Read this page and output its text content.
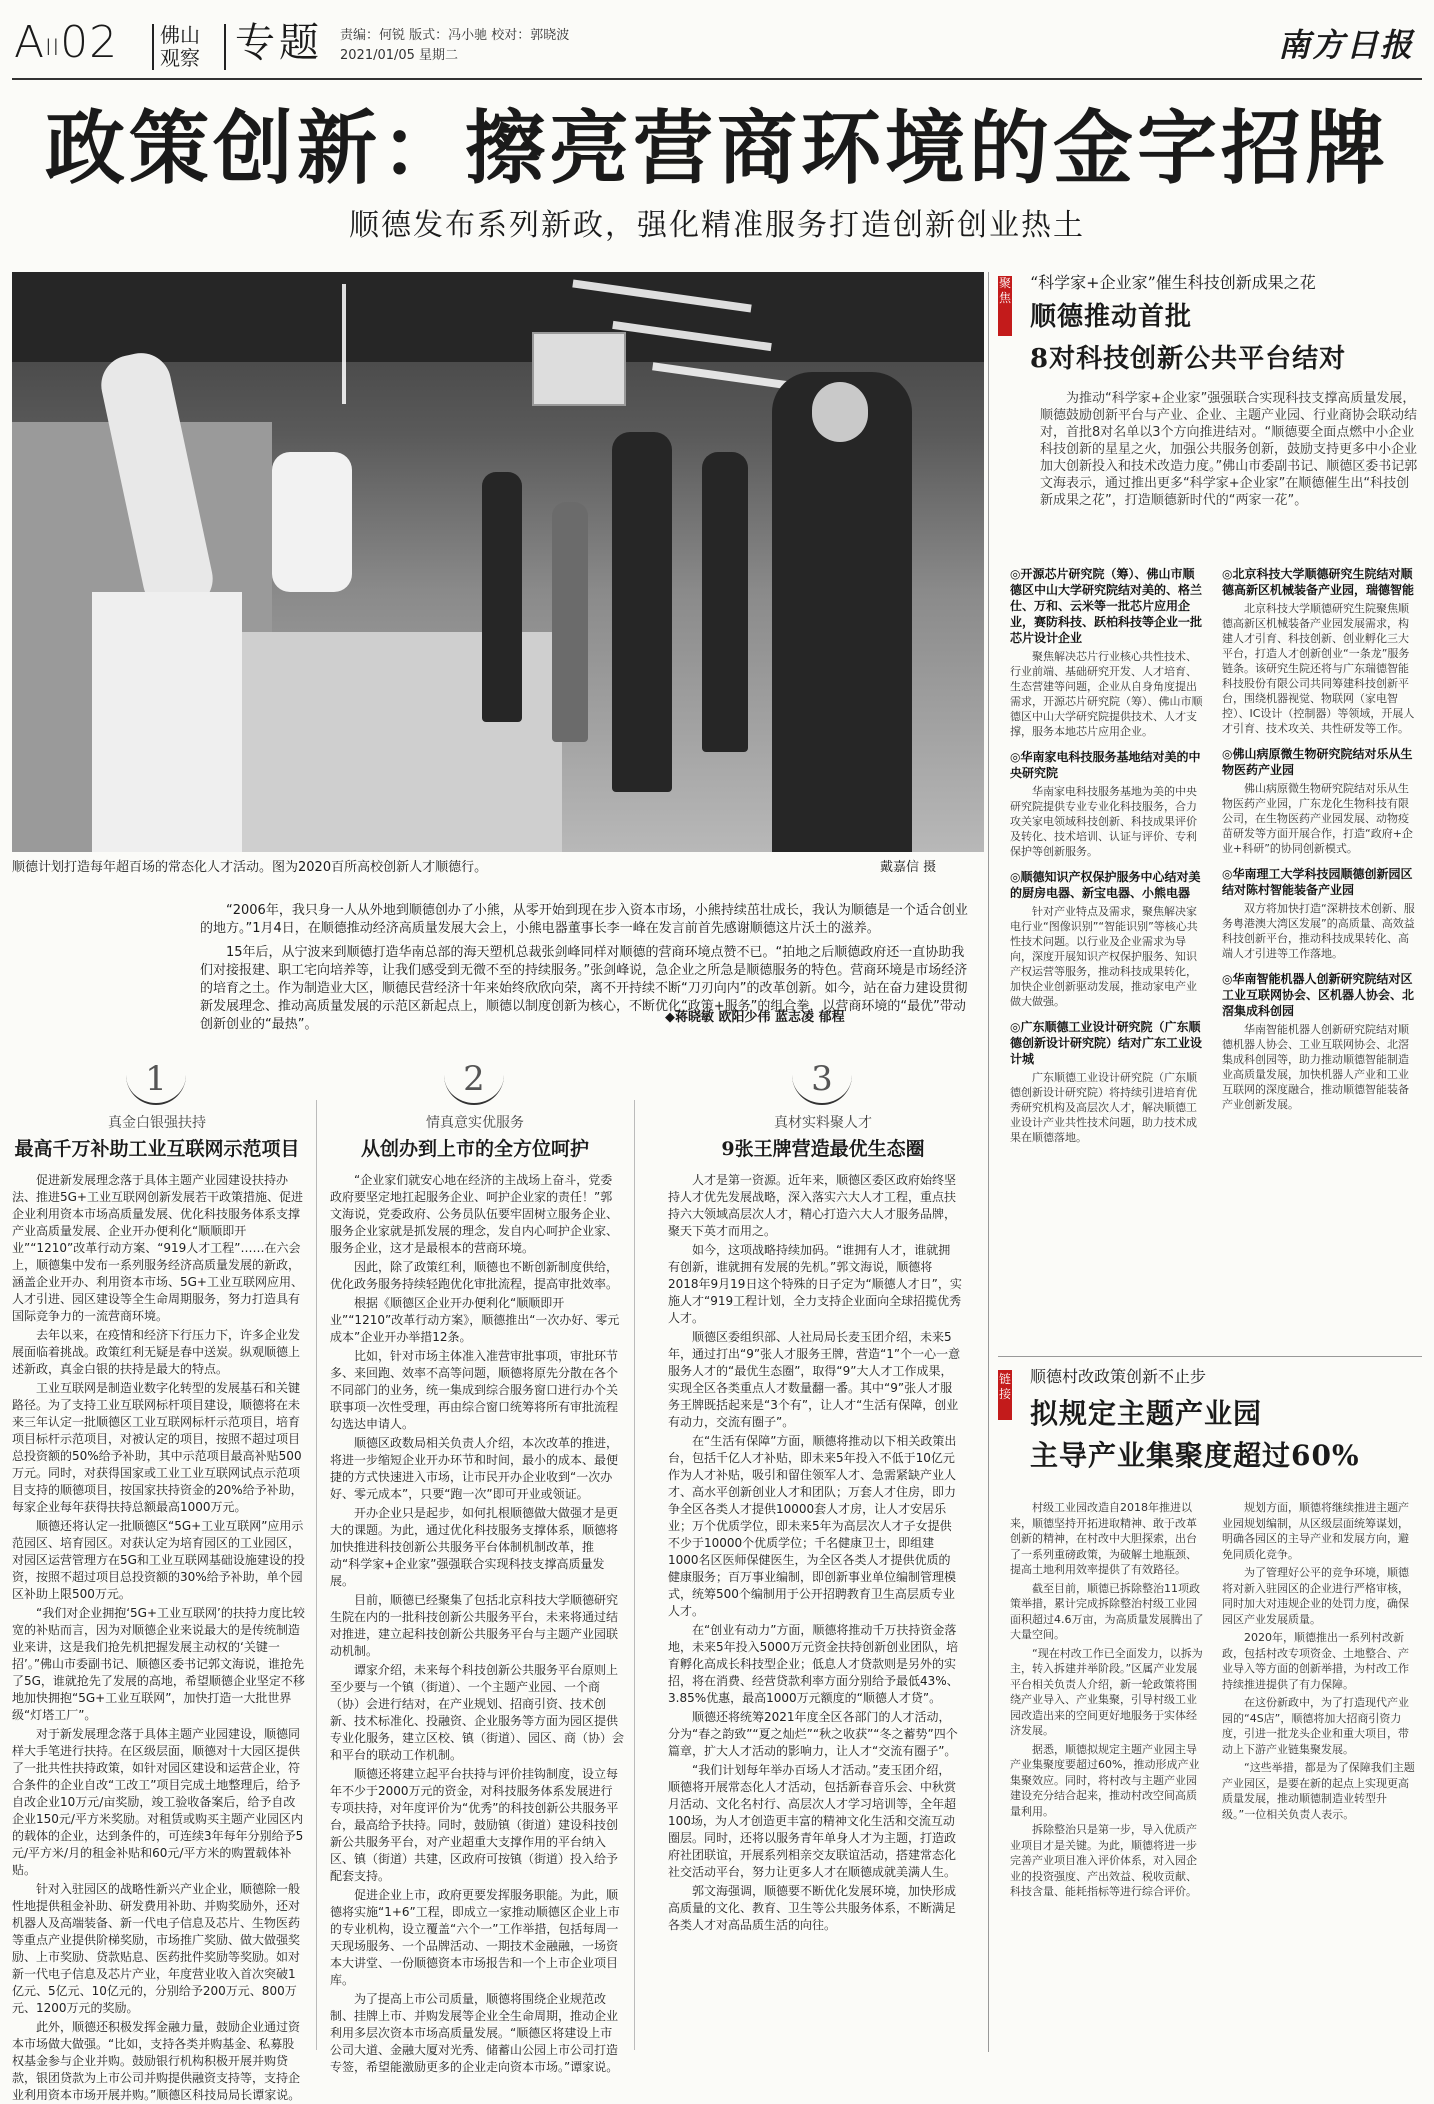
AII02 佛山观察 专题 责编：何锐 版式：冯小驰 校对：郭晓波
2021/01/05 星期二	南方日报
政策创新：擦亮营商环境的金字招牌
顺德发布系列新政，强化精准服务打造创新创业热土
顺德计划打造每年超百场的常态化人才活动。图为2020百所高校创新人才顺德行。	戴嘉信 摄
“2006年，我只身一人从外地到顺德创办了小熊，从零开始到现在步入资本市场，小熊持续茁壮成长，我认为顺德是一个适合创业的地方。”1月4日，在顺德推动经济高质量发展大会上，小熊电器董事长李一峰在发言前首先感谢顺德这片沃土的滋养。
15年后，从宁波来到顺德打造华南总部的海天塑机总裁张剑峰同样对顺德的营商环境点赞不已。“拍地之后顺德政府还一直协助我们对接报建、职工宅向培养等，让我们感受到无微不至的持续服务。”张剑峰说，急企业之所急是顺德服务的特色。营商环境是市场经济的培育之土。作为制造业大区，顺德民营经济十年来始终欣欣向荣，离不开持续不断“刀刃向内”的改革创新。如今，站在奋力建设贯彻新发展理念、推动高质量发展的示范区新起点上，顺德以制度创新为核心，不断优化“政策+服务”的组合拳，以营商环境的“最优”带动创新创业的“最热”。	◆蒋晓敏 欧阳少伟 蓝志凌 郁程
1
真金白银强扶持
最高千万补助工业互联网示范项目

促进新发展理念落于具体主题产业园建设扶持办法、推进5G+工业互联网创新发展若干政策措施、促进企业利用资本市场高质量发展、优化科技服务体系支撑产业高质量发展、企业开办便利化“顺顺即开业”“1210”改革行动方案、“919人才工程”……在六会上，顺德集中发布一系列服务经济高质量发展的新政，涵盖企业开办、利用资本市场、5G+工业互联网应用、人才引进、园区建设等全生命周期服务，努力打造具有国际竞争力的一流营商环境。

去年以来，在疫情和经济下行压力下，许多企业发展面临着挑战。政策红利无疑是春中送炭。纵观顺德上述新政，真金白银的扶持是最大的特点。

工业互联网是制造业数字化转型的发展基石和关键路径。为了支持工业互联网标杆项目建设，顺德将在未来三年认定一批顺德区工业互联网标杆示范项目，培育项目标杆示范项目，对被认定的项目，按照不超过项目总投资额的50%给予补助，其中示范项目最高补贴500万元。同时，对获得国家或工业工业互联网试点示范项目支持的顺德项目，按国家扶持资金的20%给予补助，每家企业每年获得扶持总额最高1000万元。

顺德还将认定一批顺德区“5G+工业互联网”应用示范园区、培育园区。对获认定为培育园区的工业园区，对园区运营管理方在5G和工业互联网基础设施建设的投资，按照不超过项目总投资额的30%给予补助，单个园区补助上限500万元。

“我们对企业拥抱‘5G+工业互联网’的扶持力度比较宽的补贴而言，因为对顺德企业来说最大的是传统制造业来讲，这是我们抢先机把握发展主动权的‘关键一招’。”佛山市委副书记、顺德区委书记郭文海说，谁抢先了5G，谁就抢先了发展的高地，希望顺德企业坚定不移地加快拥抱“5G+工业互联网”，加快打造一大批世界级“灯塔工厂”。

对于新发展理念落于具体主题产业园建设，顺德同样大手笔进行扶持。在区级层面，顺德对十大园区提供了一批共性扶持政策，如针对园区建设和运营企业，符合条件的企业自改“工改工”项目完成土地整理后，给予自改企业10万元/亩奖励，竣工验收备案后，给予自改企业150元/平方米奖励。对租赁或购买主题产业园区内的载体的企业，达到条件的，可连续3年每年分别给予5元/平方米/月的租金补贴和60元/平方米的购置载体补贴。

针对入驻园区的战略性新兴产业企业，顺德除一般性地提供租金补助、研发费用补助、并购奖励外，还对机器人及高端装备、新一代电子信息及芯片、生物医药等重点产业提供阶梯奖励，市场推广奖励、做大做强奖励、上市奖励、贷款贴息、医药批件奖励等奖励。如对新一代电子信息及芯片产业，年度营业收入首次突破1亿元、5亿元、10亿元的，分别给予200万元、800万元、1200万元的奖励。

此外，顺德还积极发挥金融力量，鼓励企业通过资本市场做大做强。“比如，支持各类并购基金、私募股权基金参与企业并购。鼓励银行机构积极开展并购贷款，银团贷款为上市公司并购提供融资支持等，支持企业利用资本市场开展并购。”顺德区科技局局长谭家说。

2
情真意实优服务
从创办到上市的全方位呵护

“企业家们就安心地在经济的主战场上奋斗，党委政府要坚定地扛起服务企业、呵护企业家的责任！”郭文海说，党委政府、公务员队伍要牢固树立服务企业、服务企业家就是抓发展的理念，发自内心呵护企业家、服务企业，这才是最根本的营商环境。

因此，除了政策红利，顺德也不断创新制度供给，优化政务服务持续轻跑优化审批流程，提高审批效率。

根据《顺德区企业开办便利化“顺顺即开业”“1210”改革行动方案》，顺德推出“一次办好、零元成本”企业开办举措12条。

比如，针对市场主体准入准营审批事项，审批环节多、来回跑、效率不高等问题，顺德将原先分散在各个不同部门的业务，统一集成到综合服务窗口进行办个关联事项一次性受理，再由综合窗口统筹将所有审批流程勾选达申请人。

顺德区政数局相关负责人介绍，本次改革的推进，将进一步缩短企业开办环节和时间，最小的成本、最便捷的方式快速进入市场，让市民开办企业收到“一次办好、零元成本”，只要“跑一次”即可开业或领证。

开办企业只是起步，如何扎根顺德做大做强才是更大的课题。为此，通过优化科技服务支撑体系，顺德将加快推进科技创新公共服务平台体制机制改革，推动“科学家+企业家”强强联合实现科技支撑高质量发展。

目前，顺德已经聚集了包括北京科技大学顺德研究生院在内的一批科技创新公共服务平台，未来将通过结对推进，建立起科技创新公共服务平台与主题产业园联动机制。

谭家介绍，未来每个科技创新公共服务平台原则上至少要与一个镇（街道）、一个主题产业园、一个商（协）会进行结对，在产业规划、招商引资、技术创新、技术标准化、投融资、企业服务等方面为园区提供专业化服务，建立区校、镇（街道）、园区、商（协）会和平台的联动工作机制。

顺德还将建立起平台扶持与评价挂钩制度，设立每年不少于2000万元的资金，对科技服务体系发展进行专项扶持，对年度评价为“优秀”的科技创新公共服务平台，最高给予扶持。同时，鼓励镇（街道）建设科技创新公共服务平台，对产业超重大支撑作用的平台纳入区、镇（街道）共建，区政府可按镇（街道）投入给予配套支持。

促进企业上市，政府更要发挥服务职能。为此，顺德将实施“1+6”工程，即成立一家推动顺德区企业上市的专业机构，设立覆盖“六个一”工作举措，包括每周一天现场服务、一个品牌活动、一期技术金融融，一场资本大讲堂、一份顺德资本市场报告和一个上市企业项目库。

为了提高上市公司质量，顺德将围绕企业规范改制、挂牌上市、并购发展等企业全生命周期，推动企业利用多层次资本市场高质量发展。“顺德区将建设上市公司大道、金融大厦对光秀、储蓄山公园上市公司打造专签，希望能激励更多的企业走向资本市场。”谭家说。

3
真材实料聚人才
9张王牌营造最优生态圈

人才是第一资源。近年来，顺德区委区政府始终坚持人才优先发展战略，深入落实六大人才工程，重点扶持六大领域高层次人才，精心打造六大人才服务品牌，聚天下英才而用之。

如今，这项战略持续加码。“谁拥有人才，谁就拥有创新，谁就拥有发展的先机。”郭文海说，顺德将2018年9月19日这个特殊的日子定为“顺德人才日”，实施人才“919工程计划，全力支持企业面向全球招揽优秀人才。

顺德区委组织部、人社局局长麦玉团介绍，未来5年，通过打出“9”张人才服务王牌，营造“1”个一心一意服务人才的“最优生态圈”，取得“9”大人才工作成果，实现全区各类重点人才数量翻一番。其中“9”张人才服务王牌既括起来是“3个有”，让人才“生活有保障，创业有动力，交流有圈子”。

在“生活有保障”方面，顺德将推动以下相关政策出台，包括千亿人才补贴，即未来5年投入不低于10亿元作为人才补贴，吸引和留住领军人才、急需紧缺产业人才、高水平创新创业人才和团队；万套人才住房，即力争全区各类人才提供10000套人才房，让人才安居乐业；万个优质学位，即未来5年为高层次人才子女提供不少于10000个优质学位；千名健康卫士，即组建1000名区医师保健医生，为全区各类人才提供优质的健康服务；百万事业编制，即创新事业单位编制管理模式，统筹500个编制用于公开招聘教育卫生高层质专业人才。

在“创业有动力”方面，顺德将推动千万扶持资金落地，未来5年投入5000万元资金扶持创新创业团队，培育孵化高成长科技型企业；低息人才贷款则是另外的实招，将在消费、经营贷款利率方面分别给予最低43%、3.85%优惠，最高1000万元额度的“顺德人才贷”。

顺德还将统筹2021年度全区各部门的人才活动，分为“春之韵致”“夏之灿烂”“秋之收获”“冬之蓄势”四个篇章，扩大人才活动的影响力，让人才“交流有圈子”。

“我们计划每年举办百场人才活动。”麦玉团介绍，顺德将开展常态化人才活动，包括新春音乐会、中秋赏月活动、文化名村行、高层次人才学习培训等，全年超100场，为人才创造更丰富的精神文化生活和交流互动圈层。同时，还将以服务青年单身人才为主题，打造政府社团联谊，开展系列相亲交友联谊活动，搭建常态化社交活动平台，努力让更多人才在顺德成就美满人生。

郭文海强调，顺德要不断优化发展环境，加快形成高质量的文化、教育、卫生等公共服务体系，不断满足各类人才对高品质生活的向往。

聚焦
“科学家+企业家”催生科技创新成果之花
顺德推动首批
8对科技创新公共平台结对
为推动“科学家+企业家”强强联合实现科技支撑高质量发展，顺德鼓励创新平台与产业、企业、主题产业园、行业商协会联动结对，首批8对名单以3个方向推进结对。“顺德要全面点燃中小企业科技创新的星星之火，加强公共服务创新，鼓励支持更多中小企业加大创新投入和技术改造力度。”佛山市委副书记、顺德区委书记郭文海表示，通过推出更多“科学家+企业家”在顺德催生出“科技创新成果之花”，打造顺德新时代的“两家一花”。
◎开源芯片研究院（筹）、佛山市顺德区中山大学研究院结对美的、格兰仕、万和、云米等一批芯片应用企业，赛防科技、跃柏科技等企业一批芯片设计企业

聚焦解决芯片行业核心共性技术、行业前端、基础研究开发、人才培育、生态营建等问题，企业从自身角度提出需求，开源芯片研究院（筹）、佛山市顺德区中山大学研究院提供技术、人才支撑，服务本地芯片应用企业。

◎华南家电科技服务基地结对美的中央研究院

华南家电科技服务基地为美的中央研究院提供专业专业化科技服务，合力攻关家电领域科技创新、科技成果评价及转化、技术培训、认证与评价、专利保护等创新服务。

◎顺德知识产权保护服务中心结对美的厨房电器、新宝电器、小熊电器

针对产业特点及需求，聚焦解决家电行业“图像识别”“智能识别”等核心共性技术问题。以行业及企业需求为导向，深度开展知识产权保护服务、知识产权运营等服务，推动科技成果转化，加快企业创新驱动发展，推动家电产业做大做强。

◎广东顺德工业设计研究院（广东顺德创新设计研究院）结对广东工业设计城

广东顺德工业设计研究院（广东顺德创新设计研究院）将持续引进培育优秀研究机构及高层次人才，解决顺德工业设计产业共性技术问题，助力技术成果在顺德落地。

◎北京科技大学顺德研究生院结对顺德高新区机械装备产业园，瑞德智能

北京科技大学顺德研究生院聚焦顺德高新区机械装备产业园发展需求，构建人才引育、科技创新、创业孵化三大平台，打造人才创新创业“一条龙”服务链条。该研究生院还将与广东瑞德智能科技股份有限公司共同筹建科技创新平台，围绕机器视觉、物联网（家电智控）、IC设计（控制器）等领域，开展人才引育、技术攻关、共性研发等工作。

◎佛山病原微生物研究院结对乐从生物医药产业园

佛山病原微生物研究院结对乐从生物医药产业园，广东龙化生物科技有限公司，在生物医药产业园发展、动物疫苗研发等方面开展合作，打造“政府+企业+科研”的协同创新模式。

◎华南理工大学科技园顺德创新园区结对陈村智能装备产业园

双方将加快打造“深耕技术创新、服务粤港澳大湾区发展”的高质量、高效益科技创新平台，推动科技成果转化、高端人才引进等工作落地。

◎华南智能机器人创新研究院结对区工业互联网协会、区机器人协会、北滘集成科创园

华南智能机器人创新研究院结对顺德机器人协会、工业互联网协会、北滘集成科创园等，助力推动顺德智能制造业高质量发展，加快机器人产业和工业互联网的深度融合，推动顺德智能装备产业创新发展。

链接
顺德村改政策创新不止步
拟规定主题产业园
主导产业集聚度超过60%

村级工业园改造自2018年推进以来，顺德坚持开拓进取精神、敢于改革创新的精神，在村改中大胆探索，出台了一系列重磅政策，为破解土地瓶颈、提高土地利用效率提供了有效路径。

截至目前，顺德已拆除整治11项政策举措，累计完成拆除整治村级工业园面积超过4.6万亩，为高质量发展腾出了大量空间。

“现在村改工作已全面发力，以拆为主，转入拆建并举阶段。”区属产业发展平台相关负责人介绍，新一轮政策将围绕产业导入、产业集聚，引导村级工业园改造出来的空间更好地服务于实体经济发展。

据悉，顺德拟规定主题产业园主导产业集聚度要超过60%，推动形成产业集聚效应。同时，将村改与主题产业园建设充分结合起来，推动村改空间高质量利用。

拆除整治只是第一步，导入优质产业项目才是关键。为此，顺德将进一步完善产业项目准入评价体系，对入园企业的投资强度、产出效益、税收贡献、科技含量、能耗指标等进行综合评价。

规划方面，顺德将继续推进主题产业园规划编制，从区级层面统筹谋划，明确各园区的主导产业和发展方向，避免同质化竞争。

为了管理好公平的竞争环境，顺德将对新入驻园区的企业进行严格审核，同时加大对违规企业的处罚力度，确保园区产业发展质量。

2020年，顺德推出一系列村改新政，包括村改专项资金、土地整合、产业导入等方面的创新举措，为村改工作持续推进提供了有力保障。

在这份新政中，为了打造现代产业园的“4S店”，顺德将加大招商引资力度，引进一批龙头企业和重大项目，带动上下游产业链集聚发展。

“这些举措，都是为了保障我们主题产业园区，是要在新的起点上实现更高质量发展，推动顺德制造业转型升级。”一位相关负责人表示。
